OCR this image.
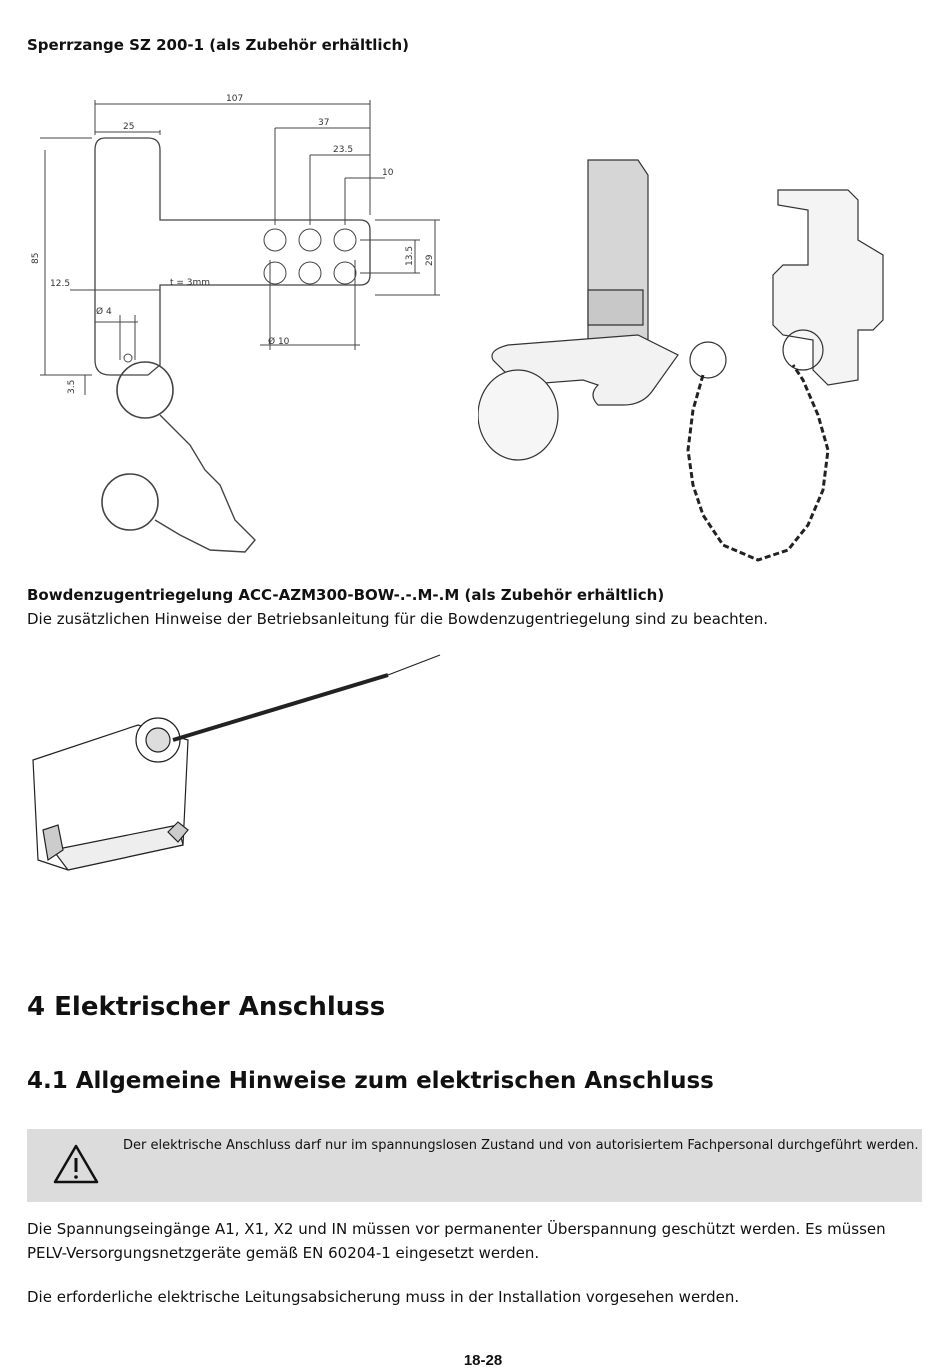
Sperrzange SZ 200-1 (als Zubehör erhältlich)
107
25	37
23.5
10
85	29
13.5
12.5
Ø 4
t = 3mm
Ø 10
3.5
Bowdenzugentriegelung ACC-AZM300-BOW-.-.M-.M (als Zubehör erhältlich)
Die zusätzlichen Hinweise der Betriebsanleitung für die Bowdenzugentriegelung sind zu beachten.
4 Elektrischer Anschluss
4.1 Allgemeine Hinweise zum elektrischen Anschluss
Der elektrische Anschluss darf nur im spannungslosen Zustand und von autorisiertem Fachpersonal durchgeführt werden.
Die Spannungseingänge A1, X1, X2 und IN müssen vor permanenter Überspannung geschützt werden. Es müssen
PELV-Versorgungsnetzgeräte gemäß EN 60204-1 eingesetzt werden.
Die erforderliche elektrische Leitungsabsicherung muss in der Installation vorgesehen werden.
18-28
